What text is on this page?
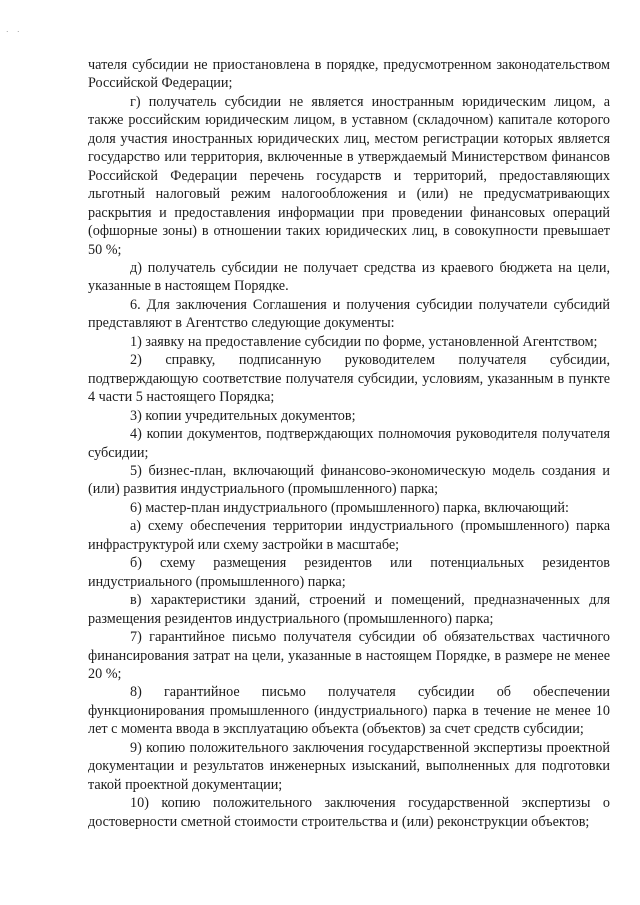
. .

чателя субсидии не приостановлена в порядке, предусмотренном законодательством Российской Федерации;

г) получатель субсидии не является иностранным юридическим лицом, а также российским юридическим лицом, в уставном (складочном) капитале которого доля участия иностранных юридических лиц, местом регистрации которых является государство или территория, включенные в утверждаемый Министерством финансов Российской Федерации перечень государств и территорий, предоставляющих льготный налоговый режим налогообложения и (или) не предусматривающих раскрытия и предоставления информации при проведении финансовых операций (офшорные зоны) в отношении таких юридических лиц, в совокупности превышает 50 %;

д) получатель субсидии не получает средства из краевого бюджета на цели, указанные в настоящем Порядке.

6. Для заключения Соглашения и получения субсидии получатели субсидий представляют в Агентство следующие документы:

1) заявку на предоставление субсидии по форме, установленной Агентством;

2) справку, подписанную руководителем получателя субсидии, подтверждающую соответствие получателя субсидии, условиям, указанным в пункте 4 части 5 настоящего Порядка;

3) копии учредительных документов;

4) копии документов, подтверждающих полномочия руководителя получателя субсидии;

5) бизнес-план, включающий финансово-экономическую модель создания и (или) развития индустриального (промышленного) парка;

6) мастер-план индустриального (промышленного) парка, включающий:

а) схему обеспечения территории индустриального (промышленного) парка инфраструктурой или схему застройки в масштабе;

б) схему размещения резидентов или потенциальных резидентов индустриального (промышленного) парка;

в) характеристики зданий, строений и помещений, предназначенных для размещения резидентов индустриального (промышленного) парка;

7) гарантийное письмо получателя субсидии об обязательствах частичного финансирования затрат на цели, указанные в настоящем Порядке, в размере не менее 20 %;

8) гарантийное письмо получателя субсидии об обеспечении функционирования промышленного (индустриального) парка в течение не менее 10 лет с момента ввода в эксплуатацию объекта (объектов) за счет средств субсидии;

9) копию положительного заключения государственной экспертизы проектной документации и результатов инженерных изысканий, выполненных для подготовки такой проектной документации;

10) копию положительного заключения государственной экспертизы о достоверности сметной стоимости строительства и (или) реконструкции объектов;
